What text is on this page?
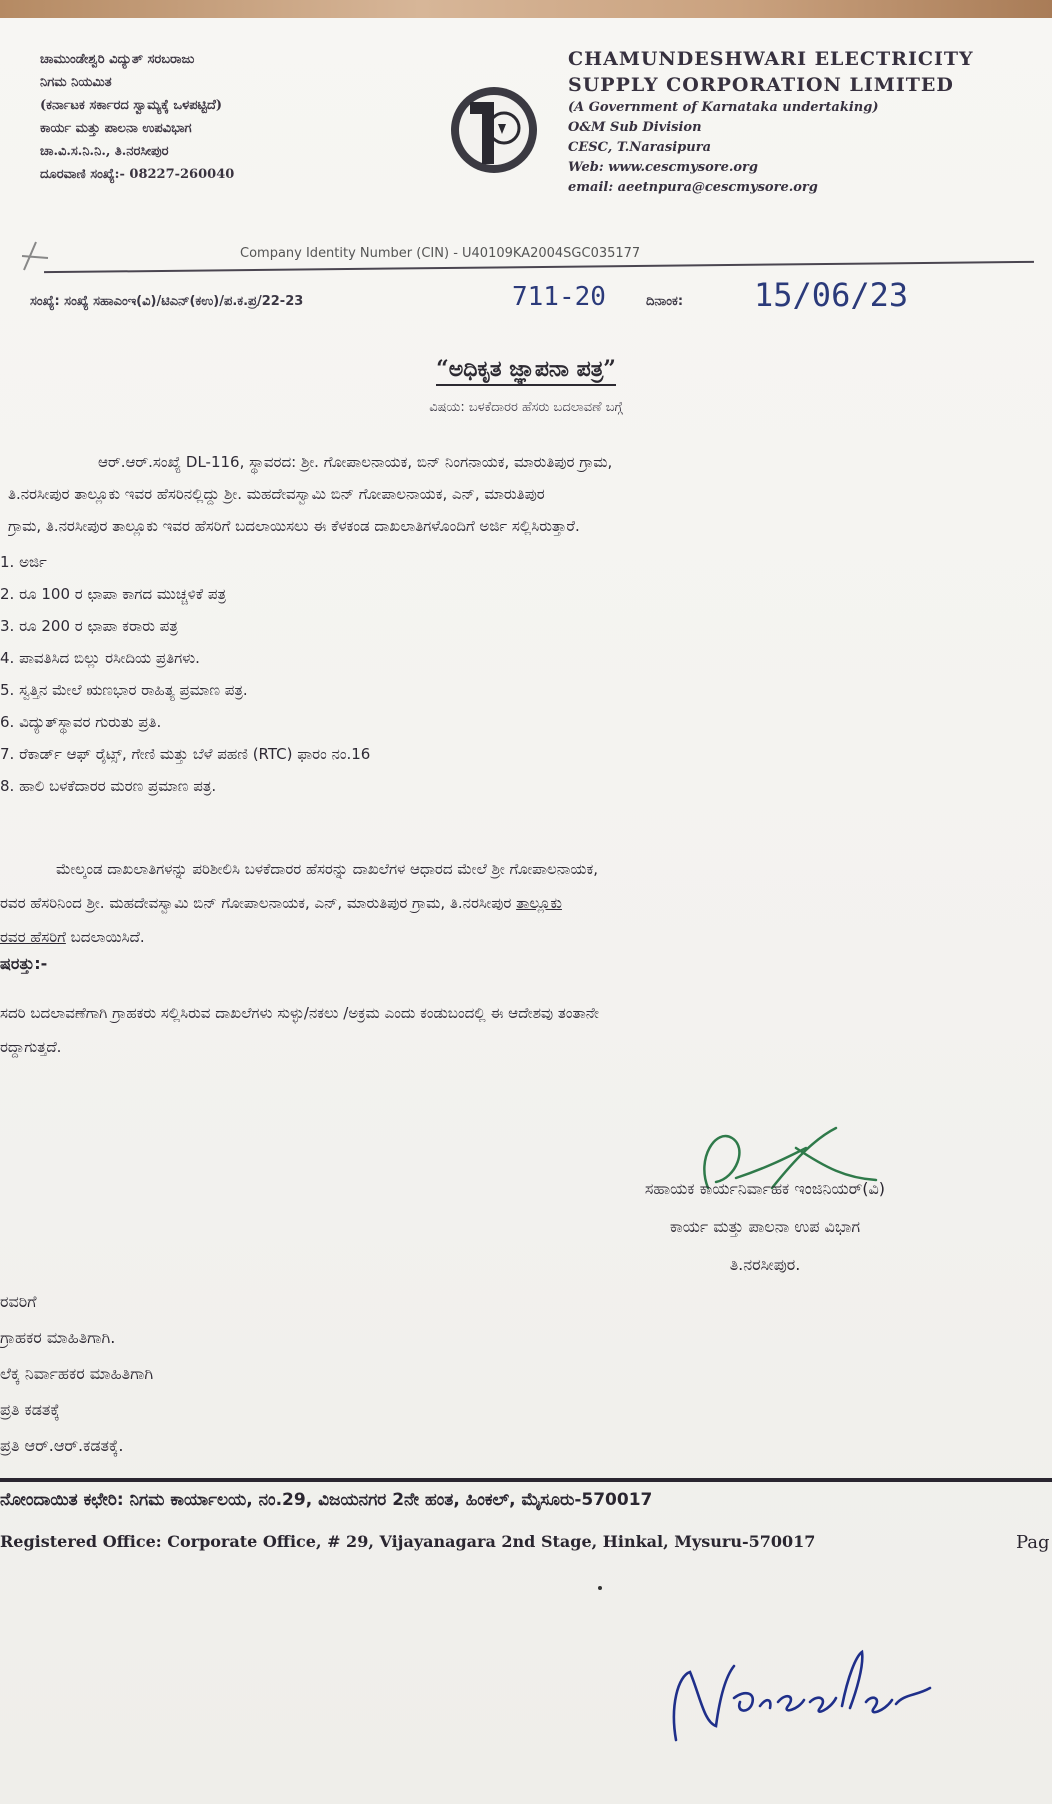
ಚಾಮುಂಡೇಶ್ವರಿ ವಿದ್ಯುತ್ ಸರಬರಾಜು
ನಿಗಮ ನಿಯಮಿತ
(ಕರ್ನಾಟಕ ಸರ್ಕಾರದ ಸ್ವಾಮ್ಯಕ್ಕೆ ಒಳಪಟ್ಟಿದೆ)
ಕಾರ್ಯ ಮತ್ತು ಪಾಲನಾ ಉಪವಿಭಾಗ
ಚಾ.ವಿ.ಸ.ನಿ.ನಿ., ತಿ.ನರಸೀಪುರ
ದೂರವಾಣಿ ಸಂಖ್ಯೆ:- 08227-260040
CHAMUNDESHWARI ELECTRICITY
SUPPLY CORPORATION LIMITED
(A Government of Karnataka undertaking)
O&M Sub Division
CESC, T.Narasipura
Web: www.cescmysore.org
email: aeetnpura@cescmysore.org
Company Identity Number (CIN) - U40109KA2004SGC035177
ಸಂಖ್ಯೆ: ಸಂಖ್ಯೆ ಸಹಾಎಂಇ(ವಿ)/ಟಿಎನ್(ಕಉ)/ಪ.ಕ.ಪ್ರ/22-23	711-20	ದಿನಾಂಕ: 15/06/23
“ಅಧಿಕೃತ ಜ್ಞಾಪನಾ ಪತ್ರ”
ವಿಷಯ: ಬಳಕೆದಾರರ ಹೆಸರು ಬದಲಾವಣೆ ಬಗ್ಗೆ
ಆರ್.ಆರ್.ಸಂಖ್ಯೆ DL-116, ಸ್ಥಾವರದ: ಶ್ರೀ. ಗೋಪಾಲನಾಯಕ, ಬಿನ್ ನಿಂಗನಾಯಕ, ಮಾರುತಿಪುರ ಗ್ರಾಮ,
ತಿ.ನರಸೀಪುರ ತಾಲ್ಲೂಕು ಇವರ ಹೆಸರಿನಲ್ಲಿದ್ದು ಶ್ರೀ. ಮಹದೇವಸ್ವಾಮಿ ಬಿನ್ ಗೋಪಾಲನಾಯಕ, ಎನ್, ಮಾರುತಿಪುರ
ಗ್ರಾಮ, ತಿ.ನರಸೀಪುರ ತಾಲ್ಲೂಕು ಇವರ ಹೆಸರಿಗೆ ಬದಲಾಯಿಸಲು ಈ ಕೆಳಕಂಡ ದಾಖಲಾತಿಗಳೊಂದಿಗೆ ಅರ್ಜಿ ಸಲ್ಲಿಸಿರುತ್ತಾರೆ.
1. ಅರ್ಜಿ
2. ರೂ 100 ರ ಛಾಪಾ ಕಾಗದ ಮುಚ್ಚಳಿಕೆ ಪತ್ರ
3. ರೂ 200 ರ ಛಾಪಾ ಕರಾರು ಪತ್ರ
4. ಪಾವತಿಸಿದ ಬಿಲ್ಲು ರಸೀದಿಯ ಪ್ರತಿಗಳು.
5. ಸ್ವತ್ತಿನ ಮೇಲೆ ಋಣಭಾರ ರಾಹಿತ್ಯ ಪ್ರಮಾಣ ಪತ್ರ.
6. ವಿದ್ಯುತ್‌ಸ್ಥಾವರ ಗುರುತು ಪ್ರತಿ.
7. ರೆಕಾರ್ಡ್ ಆಫ್ ರೈಟ್ಸ್, ಗೇಣಿ ಮತ್ತು ಬೆಳೆ ಪಹಣಿ (RTC) ಫಾರಂ ನಂ.16
8. ಹಾಲಿ ಬಳಕೆದಾರರ ಮರಣ ಪ್ರಮಾಣ ಪತ್ರ.
ಮೇಲ್ಕಂಡ ದಾಖಲಾತಿಗಳನ್ನು ಪರಿಶೀಲಿಸಿ ಬಳಕೆದಾರರ ಹೆಸರನ್ನು ದಾಖಲೆಗಳ ಆಧಾರದ ಮೇಲೆ ಶ್ರೀ ಗೋಪಾಲನಾಯಕ,
ರವರ ಹೆಸರಿನಿಂದ ಶ್ರೀ. ಮಹದೇವಸ್ವಾಮಿ ಬಿನ್ ಗೋಪಾಲನಾಯಕ, ಎನ್, ಮಾರುತಿಪುರ ಗ್ರಾಮ, ತಿ.ನರಸೀಪುರ ತಾಲ್ಲೂಕು
ರವರ ಹೆಸರಿಗೆ ಬದಲಾಯಿಸಿದೆ.
ಷರತ್ತು:-
ಸದರಿ ಬದಲಾವಣೆಗಾಗಿ ಗ್ರಾಹಕರು ಸಲ್ಲಿಸಿರುವ ದಾಖಲೆಗಳು ಸುಳ್ಳು/ನಕಲು /ಅಕ್ರಮ ಎಂದು ಕಂಡುಬಂದಲ್ಲಿ ಈ ಆದೇಶವು ತಂತಾನೇ
ರದ್ದಾಗುತ್ತದೆ.
ಸಹಾಯಕ ಕಾರ್ಯನಿರ್ವಾಹಕ ಇಂಜಿನಿಯರ್(ವಿ)
ಕಾರ್ಯ ಮತ್ತು ಪಾಲನಾ ಉಪ ವಿಭಾಗ
ತಿ.ನರಸೀಪುರ.
ರವರಿಗೆ
ಗ್ರಾಹಕರ ಮಾಹಿತಿಗಾಗಿ.
ಲೆಕ್ಕ ನಿರ್ವಾಹಕರ ಮಾಹಿತಿಗಾಗಿ
ಪ್ರತಿ ಕಡತಕ್ಕೆ
ಪ್ರತಿ ಆರ್.ಆರ್.ಕಡತಕ್ಕೆ.
ನೋಂದಾಯಿತ ಕಛೇರಿ: ನಿಗಮ ಕಾರ್ಯಾಲಯ, ನಂ.29, ವಿಜಯನಗರ 2ನೇ ಹಂತ, ಹಿಂಕಲ್, ಮೈಸೂರು-570017
Registered Office: Corporate Office, # 29, Vijayanagara 2nd Stage, Hinkal, Mysuru-570017	Pag
